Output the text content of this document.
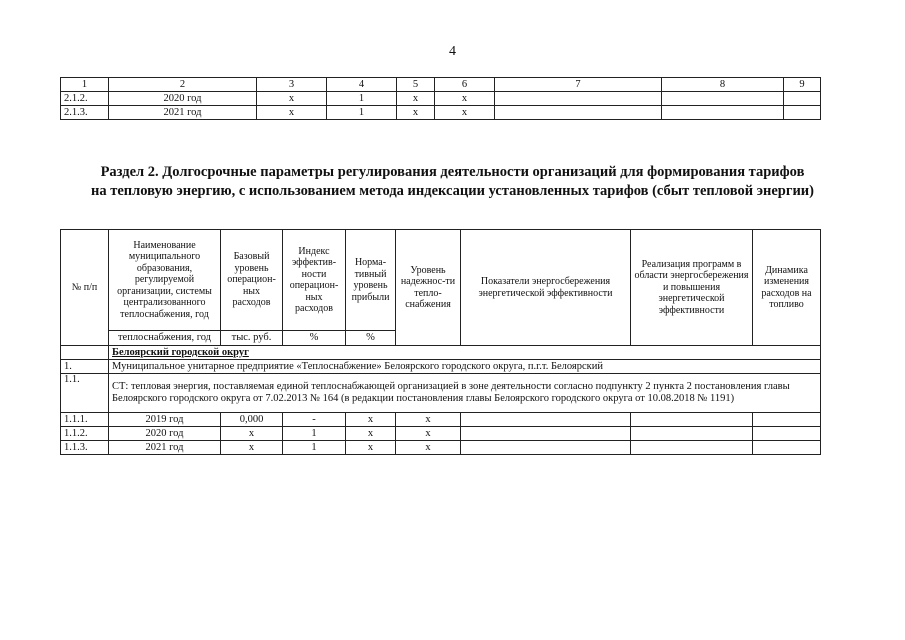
4
1	2	3	4	5	6	7	8	9
2.1.2.	2020 год	х	1	х	х			
2.1.3.	2021 год	х	1	х	х			
Раздел 2. Долгосрочные параметры регулирования деятельности организаций для формирования тарифов
на тепловую энергию, с использованием метода индексации установленных тарифов (сбыт тепловой энергии)
№ п/п	Наименование муниципального образования, регулируемой организации, системы централизованного теплоснабжения, год	Базовый уровень операцион-ных расходов	Индекс эффектив-ности операцион-ных расходов	Норма-тивный уровень прибыли	Уровень надежнос-ти тепло-снабжения	Показатели энергосбережения энергетической эффективности	Реализация программ в области энергосбережения и повышения энергетической эффективности	Динамика изменения расходов на топливо
	теплоснабжения, год	тыс. руб.	%	%				
	Белоярский городской округ							
1.	Муниципальное унитарное предприятие «Теплоснабжение» Белоярского городского округа, п.г.т. Белоярский							
1.1.	СТ: тепловая энергия, поставляемая единой теплоснабжающей организацией в зоне деятельности согласно подпункту 2 пункта 2 постановления главы Белоярского городского округа от 7.02.2013 № 164 (в редакции постановления главы Белоярского городского округа от 10.08.2018 № 1191)							
1.1.1.	2019 год	0,000	-	х	х			
1.1.2.	2020 год	х	1	х	х			
1.1.3.	2021 год	х	1	х	х			
